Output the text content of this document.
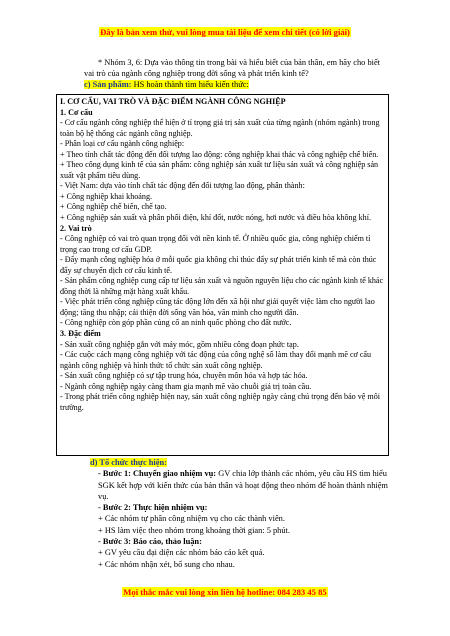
Đây là bản xem thử, vui lòng mua tài liệu để xem chi tiết (có lời giải)

* Nhóm 3, 6: Dựa vào thông tin trong bài và hiểu biết của bản thân, em hãy cho biết vai trò của ngành công nghiệp trong đời sống và phát triển kinh tế?

c) Sản phẩm: HS hoàn thành tìm hiểu kiến thức:

I. CƠ CẤU, VAI TRÒ VÀ ĐẶC ĐIỂM NGÀNH CÔNG NGHIỆP

1. Cơ cấu

- Cơ cấu ngành công nghiệp thể hiện ở tỉ trọng giá trị sản xuất của từng ngành (nhóm ngành) trong toàn bộ hệ thống các ngành công nghiệp.

- Phân loại cơ cấu ngành công nghiệp:

+ Theo tính chất tác động đến đối tượng lao động: công nghiệp khai thác và công nghiệp chế biến.

+ Theo công dụng kinh tế của sản phẩm: công nghiệp sản xuất tư liệu sản xuất và công nghiệp sản xuất vật phẩm tiêu dùng.

- Việt Nam: dựa vào tính chất tác động đến đối tượng lao động, phân thành:

+ Công nghiệp khai khoáng.

+ Công nghiệp chế biến, chế tạo.

+ Công nghiệp sản xuất và phân phối điện, khí đốt, nước nóng, hơi nước và điều hòa không khí.

2. Vai trò

- Công nghiệp có vai trò quan trọng đối với nền kinh tế. Ở nhiều quốc gia, công nghiệp chiếm tỉ trọng cao trong cơ cấu GDP.

- Đẩy mạnh công nghiệp hóa ở mỗi quốc gia không chỉ thúc đẩy sự phát triển kinh tế mà còn thúc đẩy sự chuyển dịch cơ cấu kinh tế.

- Sản phẩm công nghiệp cung cấp tư liệu sản xuất và nguồn nguyên liệu cho các ngành kinh tế khác đồng thời là những mặt hàng xuất khẩu.

- Việc phát triển công nghiệp cũng tác động lớn đến xã hội như giải quyết việc làm cho người lao động; tăng thu nhập; cải thiện đời sống văn hóa, văn minh cho người dân.

- Công nghiệp còn góp phần củng cố an ninh quốc phòng cho đất nước.

3. Đặc điểm

- Sản xuất công nghiệp gắn với máy móc, gồm nhiều công đoạn phức tạp.

- Các cuộc cách mạng công nghiệp với tác động của công nghệ số làm thay đổi mạnh mẽ cơ cấu ngành công nghiệp và hình thức tổ chức sản xuất công nghiệp.

- Sản xuất công nghiệp có sự tập trung hóa, chuyên môn hóa và hợp tác hóa.

- Ngành công nghiệp ngày càng tham gia mạnh mẽ vào chuỗi giá trị toàn cầu.

- Trong phát triển công nghiệp hiện nay, sản xuất công nghiệp ngày càng chú trọng đến bảo vệ môi trường.

d) Tổ chức thực hiện:

- Bước 1: Chuyển giao nhiệm vụ: GV chia lớp thành các nhóm, yêu cầu HS tìm hiểu SGK kết hợp với kiến thức của bản thân và hoạt động theo nhóm để hoàn thành nhiệm vụ.

- Bước 2: Thực hiện nhiệm vụ:

+ Các nhóm tự phân công nhiệm vụ cho các thành viên.

+ HS làm việc theo nhóm trong khoảng thời gian: 5 phút.

- Bước 3: Báo cáo, thảo luận:

+ GV yêu cầu đại diện các nhóm báo cáo kết quả.

+ Các nhóm nhận xét, bổ sung cho nhau.

Mọi thắc mắc vui lòng xin liên hệ hotline: 084 283 45 85
